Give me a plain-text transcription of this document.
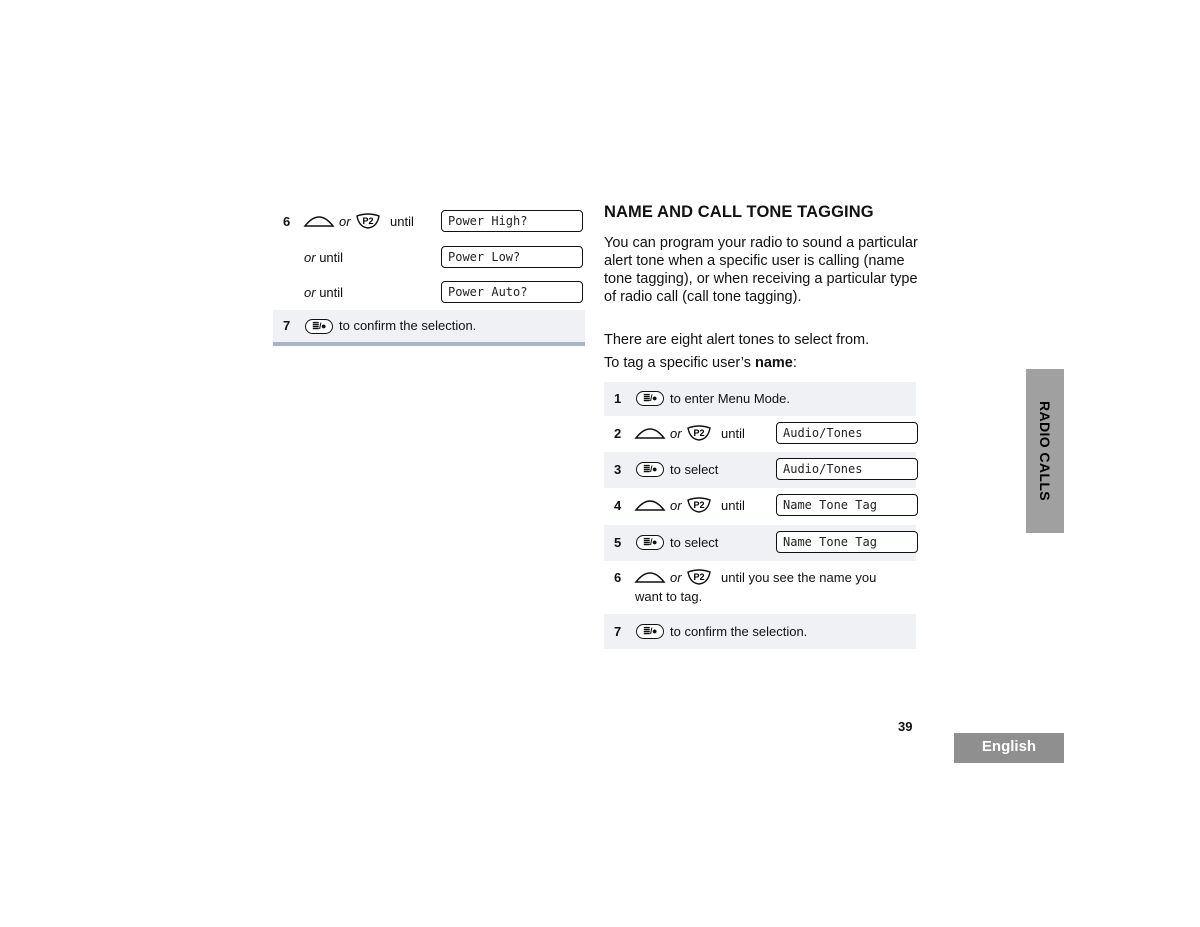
6	or P2 until	Power High?
or until	Power Low?
or until	Power Auto?
7	≣/●	to confirm the selection.
NAME AND CALL TONE TAGGING

You can program your radio to sound a particular alert tone when a specific user is calling (name tone tagging), or when receiving a particular type of radio call (call tone tagging).

There are eight alert tones to select from.

To tag a specific user’s name:

1	≣/●	to enter Menu Mode.
2	or P2 until	Audio/Tones
3	≣/●	to select	Audio/Tones
4	or P2 until	Name Tone Tag
5	≣/●	to select	Name Tone Tag
6	or P2 until you see the name you
want to tag.
7	≣/●	to confirm the selection.
RADIO CALLS
39
English
